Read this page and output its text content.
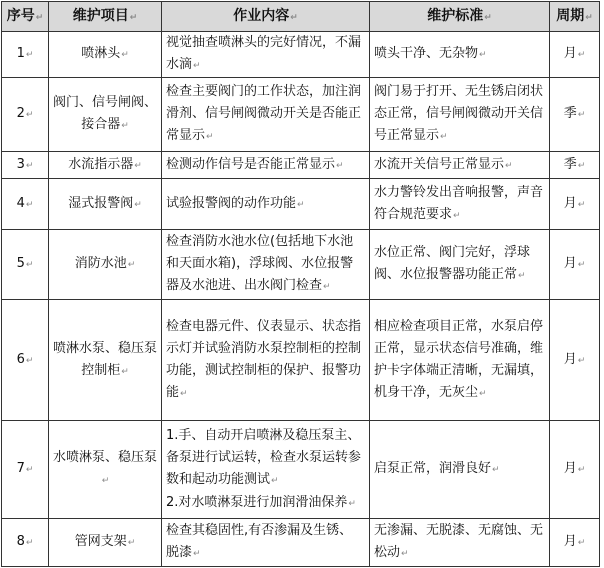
序号↵	维护项目↵	作业内容↵	维护标准↵	周期↵
1↵	喷淋头↵	视觉抽查喷淋头的完好情况，不漏水滴↵	喷头干净、无杂物↵	月↵
2↵	阀门、信号闸阀、接合器↵	检查主要阀门的工作状态，加注润滑剂、信号闸阀微动开关是否能正常显示↵	阀门易于打开、无生锈启闭状态正常，信号闸阀微动开关信号正常显示↵	季↵
3↵	水流指示器↵	检测动作信号是否能正常显示↵	水流开关信号正常显示↵	季↵
4↵	湿式报警阀↵	试验报警阀的动作功能↵	水力警铃发出音响报警，声音符合规范要求↵	月↵
5↵	消防水池↵	检查消防水池水位(包括地下水池和天面水箱)，浮球阀、水位报警器及水池进、出水阀门检查↵	水位正常、阀门完好，浮球阀、水位报警器功能正常↵	月↵
6↵	喷淋水泵、稳压泵控制柜↵	检查电器元件、仪表显示、状态指示灯并试验消防水泵控制柜的控制功能，测试控制柜的保护、报警功能↵	相应检查项目正常，水泵启停正常，显示状态信号准确，维护卡字体端正清晰，无漏填，机身干净，无灰尘↵	月↵
7↵	水喷淋泵、稳压泵↵	1.手、自动开启喷淋及稳压泵主、备泵进行试运转，检查水泵运转参数和起动功能测试↵
2.对水喷淋泵进行加润滑油保养↵	启泵正常，润滑良好↵	月↵
8↵	管网支架↵	检查其稳固性,有否渗漏及生锈、脱漆↵	无渗漏、无脱漆、无腐蚀、无松动↵	月↵
